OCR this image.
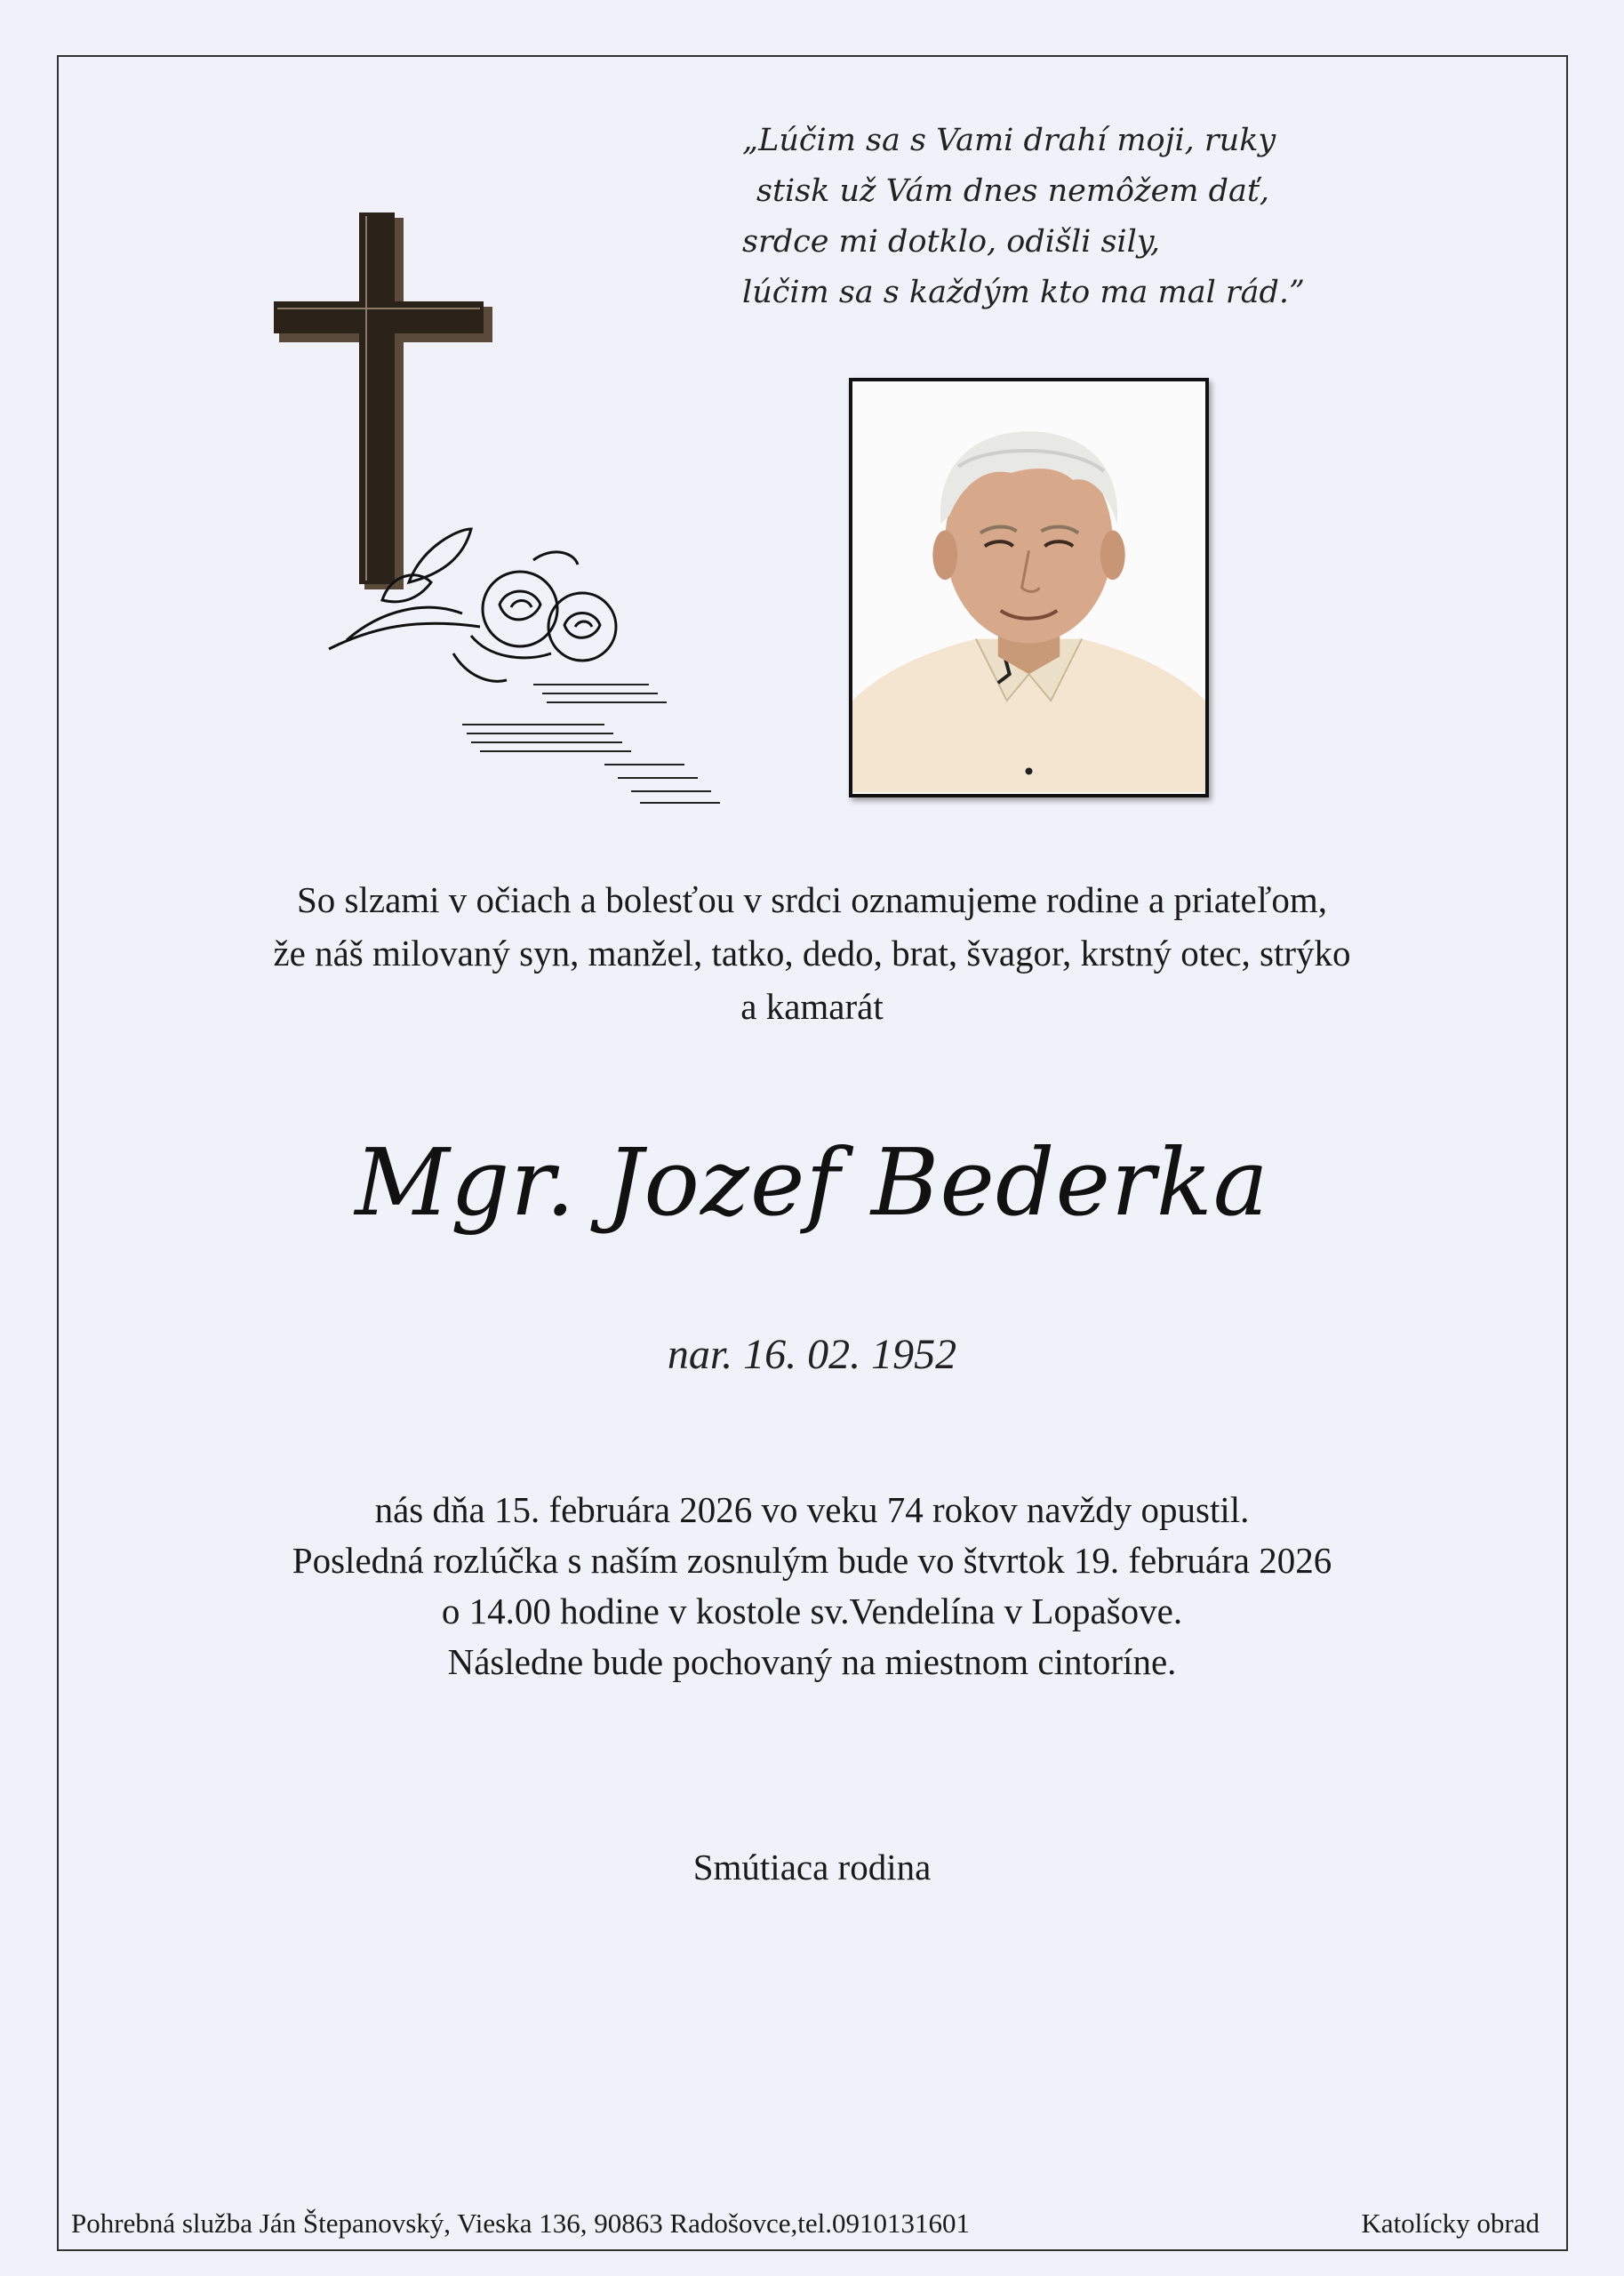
„Lúčim sa s Vami drahí moji, ruky
stisk už Vám dnes nemôžem dať,
srdce mi dotklo, odišli sily,
lúčim sa s každým kto ma mal rád.”
So slzami v očiach a bolesťou v srdci oznamujeme rodine a priateľom,
že náš milovaný syn, manžel, tatko, dedo, brat, švagor, krstný otec, strýko
a kamarát
Mgr. Jozef Bederka
nar. 16. 02. 1952
nás dňa 15. februára 2026 vo veku 74 rokov navždy opustil.
Posledná rozlúčka s naším zosnulým bude vo štvrtok 19. februára 2026
o 14.00 hodine v kostole sv.Vendelína v Lopašove.
Následne bude pochovaný na miestnom cintoríne.
Smútiaca rodina
Pohrebná služba Ján Štepanovský, Vieska 136, 90863 Radošovce,tel.0910131601	Katolícky obrad
